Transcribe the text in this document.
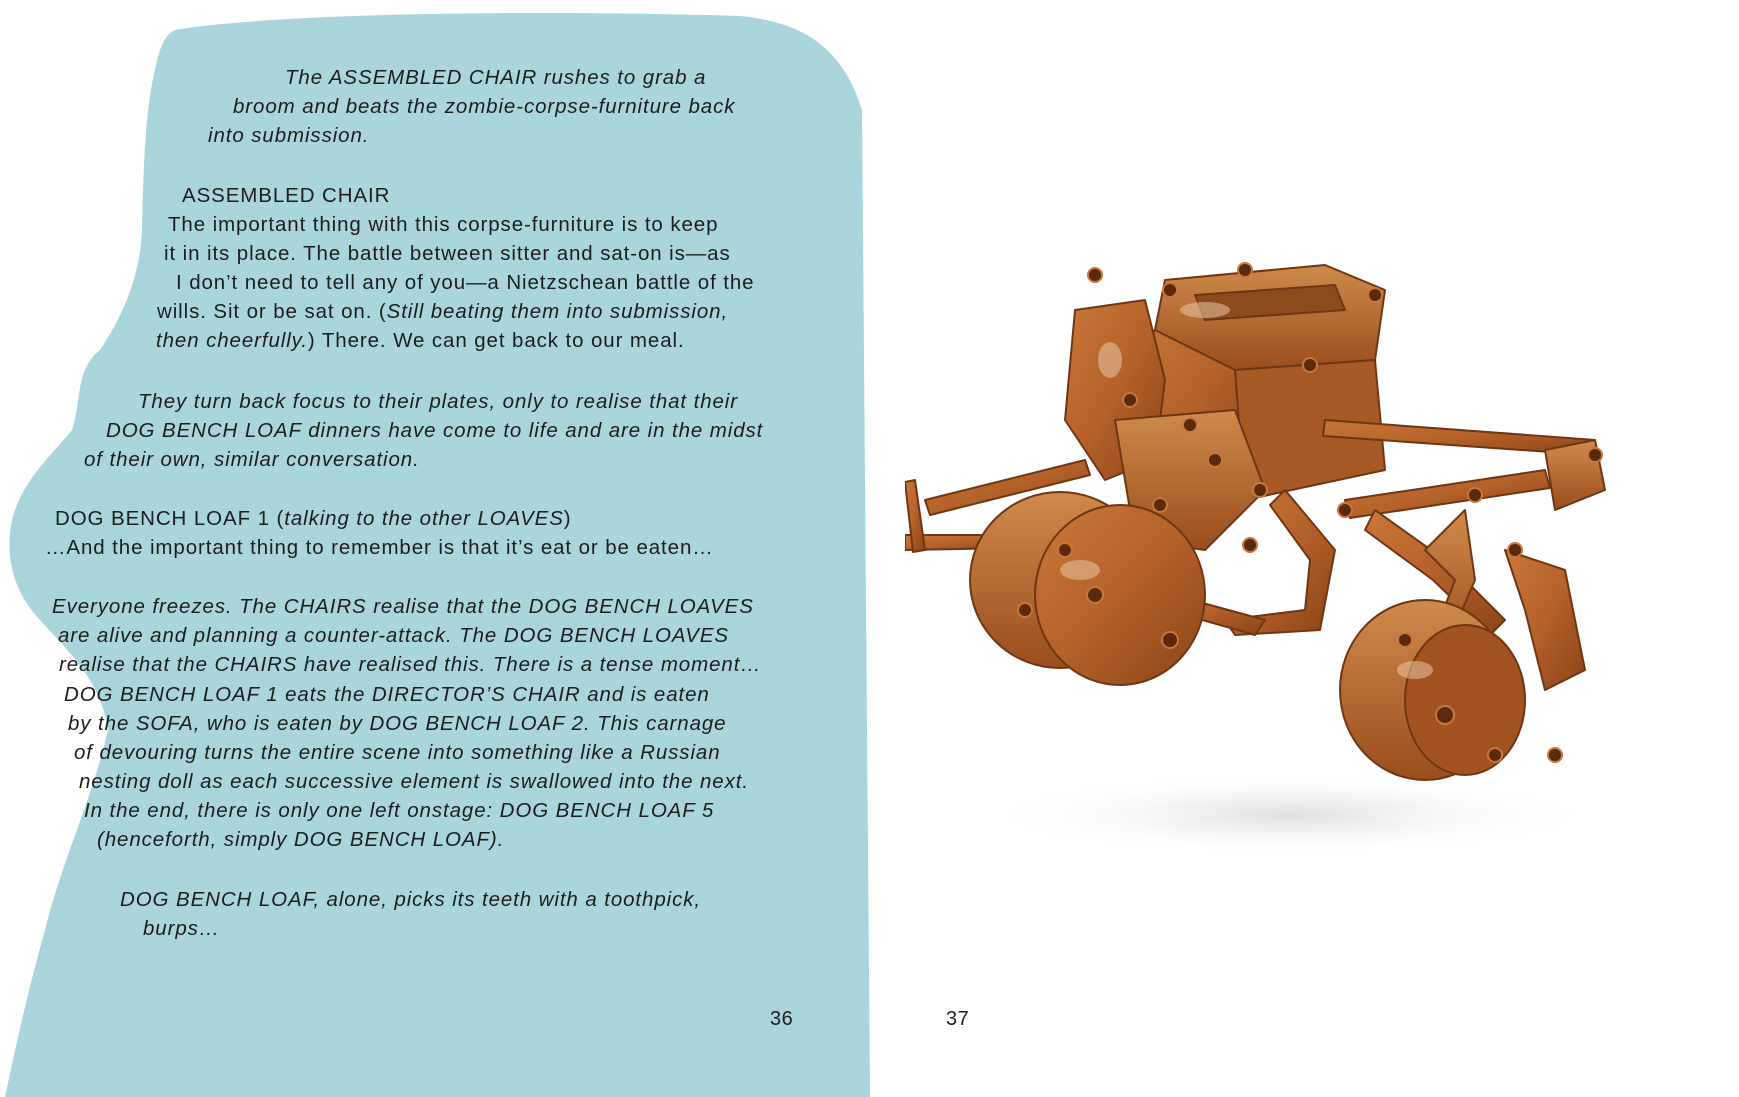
The ASSEMBLED CHAIR rushes to grab a

broom and beats the zombie-corpse-furniture back

into submission.

ASSEMBLED CHAIR

The important thing with this corpse-furniture is to keep

it in its place. The battle between sitter and sat-on is—as

I don’t need to tell any of you—a Nietzschean battle of the

wills. Sit or be sat on. (Still beating them into submission,

then cheerfully.) There. We can get back to our meal.

They turn back focus to their plates, only to realise that their

DOG BENCH LOAF dinners have come to life and are in the midst

of their own, similar conversation.

DOG BENCH LOAF 1 (talking to the other LOAVES)

…And the important thing to remember is that it’s eat or be eaten…

Everyone freezes. The CHAIRS realise that the DOG BENCH LOAVES

are alive and planning a counter-attack. The DOG BENCH LOAVES

realise that the CHAIRS have realised this. There is a tense moment…

DOG BENCH LOAF 1 eats the DIRECTOR’S CHAIR and is eaten

by the SOFA, who is eaten by DOG BENCH LOAF 2. This carnage

of devouring turns the entire scene into something like a Russian

nesting doll as each successive element is swallowed into the next.

In the end, there is only one left onstage: DOG BENCH LOAF 5

(henceforth, simply DOG BENCH LOAF).

DOG BENCH LOAF, alone, picks its teeth with a toothpick,

burps…

36	37
